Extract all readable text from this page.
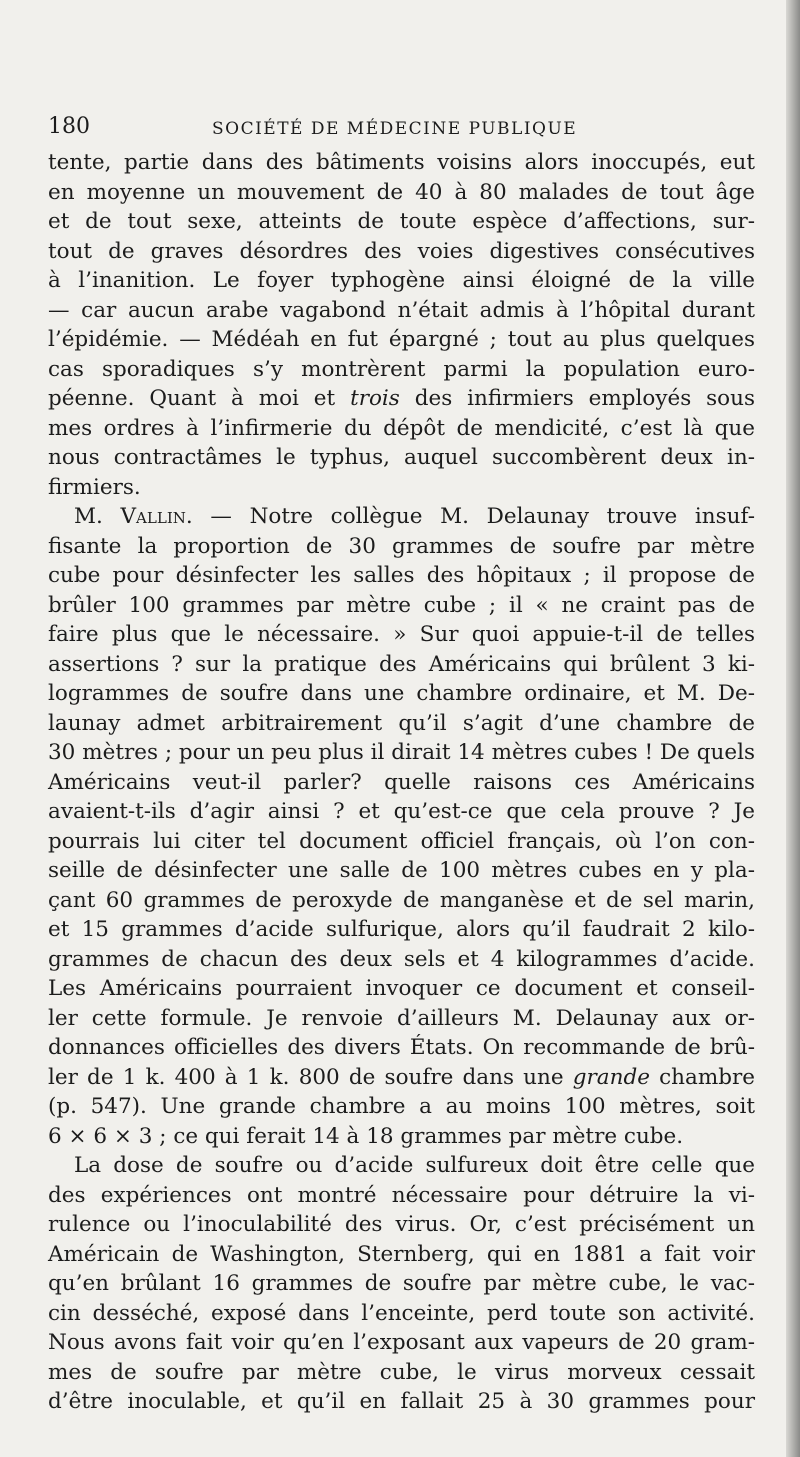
180	SOCIÉTÉ DE MÉDECINE PUBLIQUE
tente, partie dans des bâtiments voisins alors inoccupés, eut
en moyenne un mouvement de 40 à 80 malades de tout âge
et de tout sexe, atteints de toute espèce d’affections, sur-
tout de graves désordres des voies digestives consécutives
à l’inanition. Le foyer typhogène ainsi éloigné de la ville
— car aucun arabe vagabond n’était admis à l’hôpital durant
l’épidémie. — Médéah en fut épargné ; tout au plus quelques
cas sporadiques s’y montrèrent parmi la population euro-
péenne. Quant à moi et trois des infirmiers employés sous
mes ordres à l’infirmerie du dépôt de mendicité, c’est là que
nous contractâmes le typhus, auquel succombèrent deux in-
firmiers.
M. Vallin. — Notre collègue M. Delaunay trouve insuf-
fisante la proportion de 30 grammes de soufre par mètre
cube pour désinfecter les salles des hôpitaux ; il propose de
brûler 100 grammes par mètre cube ; il « ne craint pas de
faire plus que le nécessaire. » Sur quoi appuie-t-il de telles
assertions ? sur la pratique des Américains qui brûlent 3 ki-
logrammes de soufre dans une chambre ordinaire, et M. De-
launay admet arbitrairement qu’il s’agit d’une chambre de
30 mètres ; pour un peu plus il dirait 14 mètres cubes ! De quels
Américains veut-il parler? quelle raisons ces Américains
avaient-t-ils d’agir ainsi ? et qu’est-ce que cela prouve ? Je
pourrais lui citer tel document officiel français, où l’on con-
seille de désinfecter une salle de 100 mètres cubes en y pla-
çant 60 grammes de peroxyde de manganèse et de sel marin,
et 15 grammes d’acide sulfurique, alors qu’il faudrait 2 kilo-
grammes de chacun des deux sels et 4 kilogrammes d’acide.
Les Américains pourraient invoquer ce document et conseil-
ler cette formule. Je renvoie d’ailleurs M. Delaunay aux or-
donnances officielles des divers États. On recommande de brû-
ler de 1 k. 400 à 1 k. 800 de soufre dans une grande chambre
(p. 547). Une grande chambre a au moins 100 mètres, soit
6 × 6 × 3 ; ce qui ferait 14 à 18 grammes par mètre cube.
La dose de soufre ou d’acide sulfureux doit être celle que
des expériences ont montré nécessaire pour détruire la vi-
rulence ou l’inoculabilité des virus. Or, c’est précisément un
Américain de Washington, Sternberg, qui en 1881 a fait voir
qu’en brûlant 16 grammes de soufre par mètre cube, le vac-
cin desséché, exposé dans l’enceinte, perd toute son activité.
Nous avons fait voir qu’en l’exposant aux vapeurs de 20 gram-
mes de soufre par mètre cube, le virus morveux cessait
d’être inoculable, et qu’il en fallait 25 à 30 grammes pour
